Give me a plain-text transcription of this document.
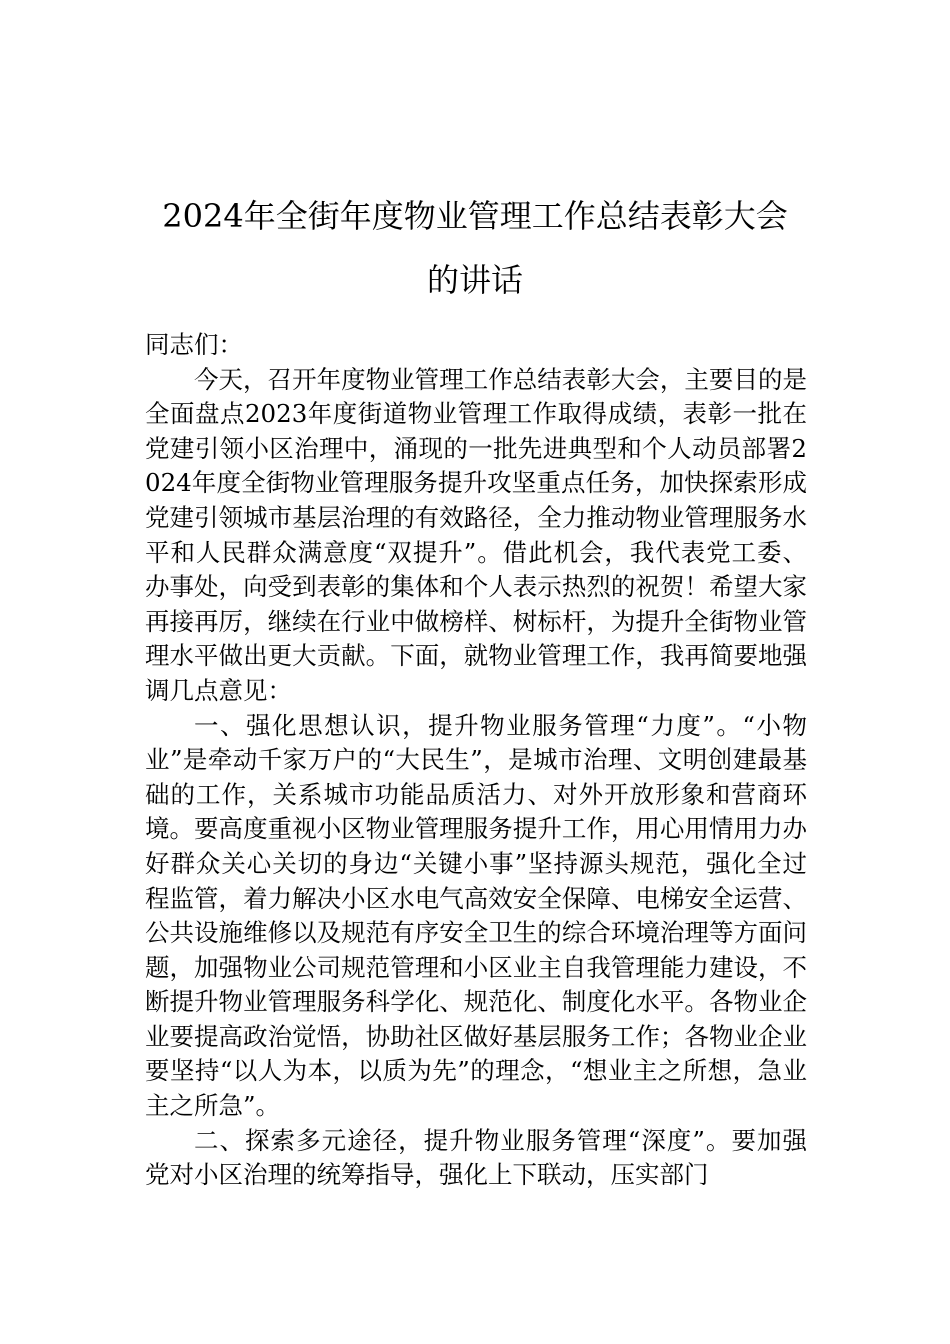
2024年全街年度物业管理工作总结表彰大会的讲话

同志们：

今天，召开年度物业管理工作总结表彰大会，主要目的是全面盘点2023年度街道物业管理工作取得成绩，表彰一批在党建引领小区治理中，涌现的一批先进典型和个人动员部署2024年度全街物业管理服务提升攻坚重点任务，加快探索形成党建引领城市基层治理的有效路径，全力推动物业管理服务水平和人民群众满意度“双提升”。借此机会，我代表党工委、办事处，向受到表彰的集体和个人表示热烈的祝贺！希望大家再接再厉，继续在行业中做榜样、树标杆，为提升全街物业管理水平做出更大贡献。下面，就物业管理工作，我再简要地强调几点意见：

一、强化思想认识，提升物业服务管理“力度”。“小物业”是牵动千家万户的“大民生”，是城市治理、文明创建最基础的工作，关系城市功能品质活力、对外开放形象和营商环境。要高度重视小区物业管理服务提升工作，用心用情用力办好群众关心关切的身边“关键小事”坚持源头规范，强化全过程监管，着力解决小区水电气高效安全保障、电梯安全运营、公共设施维修以及规范有序安全卫生的综合环境治理等方面问题，加强物业公司规范管理和小区业主自我管理能力建设，不断提升物业管理服务科学化、规范化、制度化水平。各物业企业要提高政治觉悟，协助社区做好基层服务工作；各物业企业要坚持“以人为本，以质为先”的理念，“想业主之所想，急业主之所急”。

二、探索多元途径，提升物业服务管理“深度”。要加强党对小区治理的统筹指导，强化上下联动，压实部门
